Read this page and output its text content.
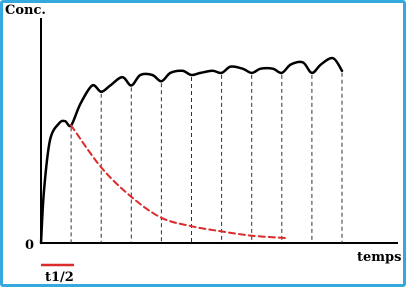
Conc.
temps
0
t1/2
